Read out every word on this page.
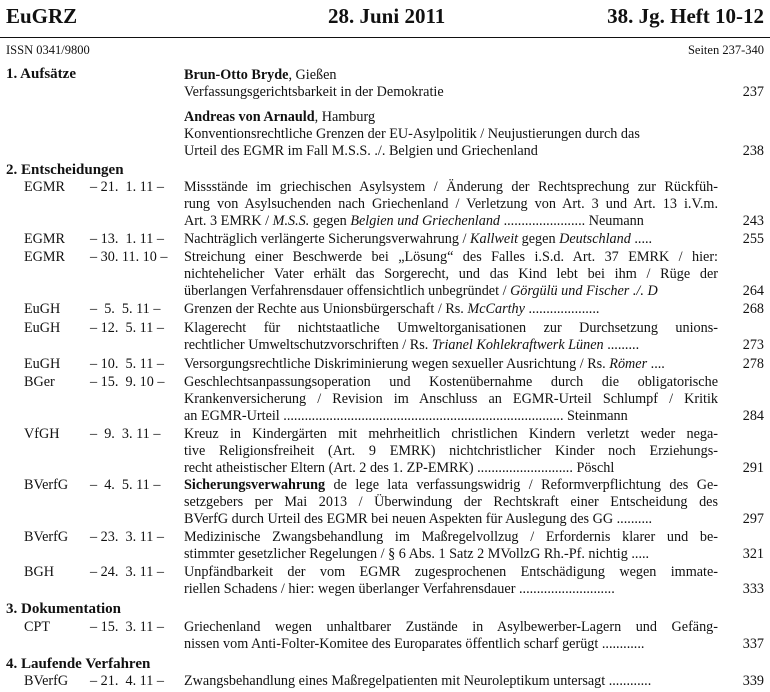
EuGRZ	28. Juni 2011	38. Jg. Heft 10-12
ISSN 0341/9800	Seiten 237-340
1. Aufsätze	Brun-Otto Bryde, Gießen
Verfassungsgerichtsbarkeit in der Demokratie	237
Andreas von Arnauld, Hamburg
Konventionsrechtliche Grenzen der EU-Asylpolitik / Neujustierungen durch das
Urteil des EGMR im Fall M.S.S. ./. Belgien und Griechenland	238
2. Entscheidungen
EGMR – 21.  1. 11 – Missstände im griechischen Asylsystem / Änderung der Rechtsprechung zur Rückfüh-
rung von Asylsuchenden nach Griechenland / Verletzung von Art. 3 und Art. 13 i.V.m.
Art. 3 EMRK / M.S.S. gegen Belgien und Griechenland ....................... Neumann	243
EGMR – 13.  1. 11 – Nachträglich verlängerte Sicherungsverwahrung / Kallweit gegen Deutschland .....	255
EGMR – 30. 11. 10 – Streichung einer Beschwerde bei „Lösung“ des Falles i.S.d. Art. 37 EMRK / hier:
nichtehelicher Vater erhält das Sorgerecht, und das Kind lebt bei ihm / Rüge der
überlangen Verfahrensdauer offensichtlich unbegründet / Görgülü und Fischer ./. D	264
EuGH –  5.  5. 11 – Grenzen der Rechte aus Unionsbürgerschaft / Rs. McCarthy ....................	268
EuGH – 12.  5. 11 – Klagerecht für nichtstaatliche Umweltorganisationen zur Durchsetzung unions-
rechtlicher Umweltschutzvorschriften / Rs. Trianel Kohlekraftwerk Lünen .........	273
EuGH – 10.  5. 11 – Versorgungsrechtliche Diskriminierung wegen sexueller Ausrichtung / Rs. Römer ....	278
BGer – 15.  9. 10 – Geschlechtsanpassungsoperation und Kostenübernahme durch die obligatorische
Krankenversicherung / Revision im Anschluss an EGMR-Urteil Schlumpf / Kritik
an EGMR-Urteil ............................................................................... Steinmann	284
VfGH –  9.  3. 11 – Kreuz in Kindergärten mit mehrheitlich christlichen Kindern verletzt weder nega-
tive Religionsfreiheit (Art. 9 EMRK) nichtchristlicher Kinder noch Erziehungs-
recht atheistischer Eltern (Art. 2 des 1. ZP-EMRK) ........................... Pöschl	291
BVerfG –  4.  5. 11 – Sicherungsverwahrung de lege lata verfassungswidrig / Reformverpflichtung des Ge-
setzgebers per Mai 2013 / Überwindung der Rechtskraft einer Entscheidung des
BVerfG durch Urteil des EGMR bei neuen Aspekten für Auslegung des GG ..........	297
BVerfG – 23.  3. 11 – Medizinische Zwangsbehandlung im Maßregelvollzug / Erfordernis klarer und be-
stimmter gesetzlicher Regelungen / § 6 Abs. 1 Satz 2 MVollzG Rh.-Pf. nichtig .....	321
BGH	– 24.  3. 11 – Unpfändbarkeit der vom EGMR zugesprochenen Entschädigung wegen immate-
riellen Schadens / hier: wegen überlanger Verfahrensdauer ...........................	333
3. Dokumentation
CPT	– 15.  3. 11 – Griechenland wegen unhaltbarer Zustände in Asylbewerber-Lagern und Gefäng-
nissen vom Anti-Folter-Komitee des Europarates öffentlich scharf gerügt ............	337
4. Laufende Verfahren
BVerfG – 21.  4. 11 – Zwangsbehandlung eines Maßregelpatienten mit Neuroleptikum untersagt ............	339
